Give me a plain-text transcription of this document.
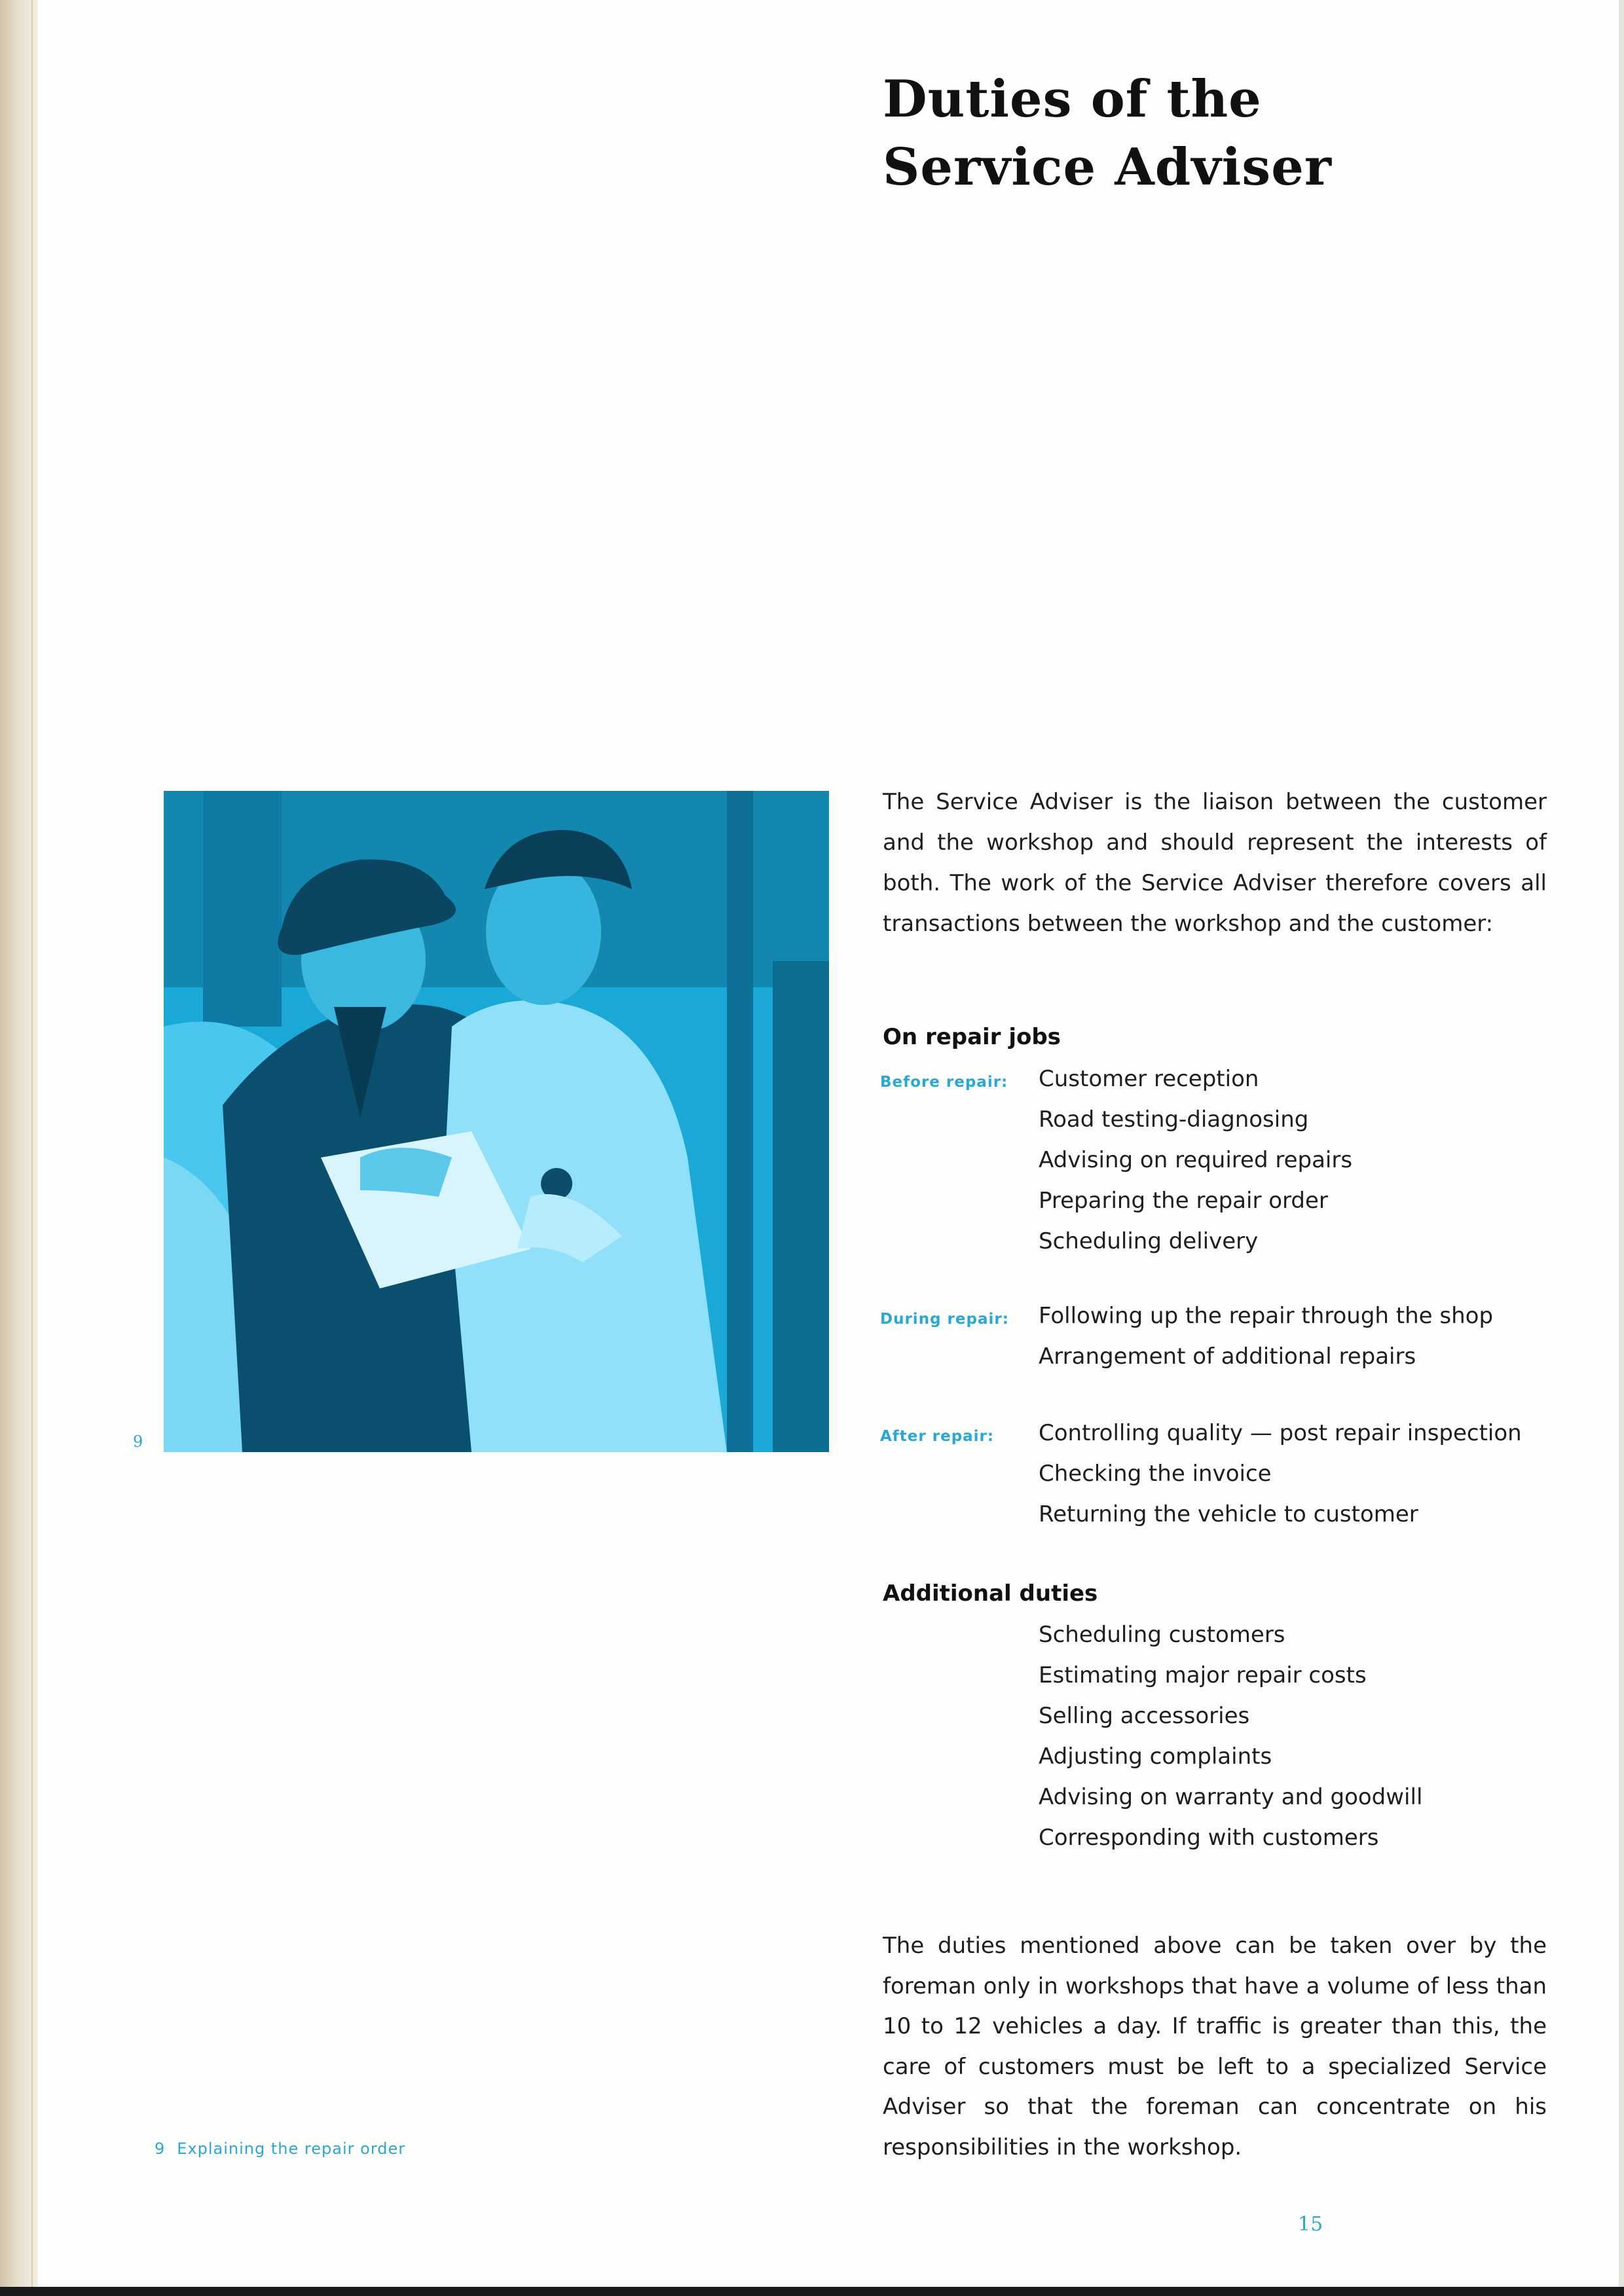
Duties of the
Service Adviser
9
9 Explaining the repair order

The Service Adviser is the liaison between the customer and the workshop and should represent the interests of both. The work of the Service Adviser therefore covers all transactions between the workshop and the customer:

On repair jobs
Before repair: Customer reception
Road testing-diagnosing
Advising on required repairs
Preparing the repair order
Scheduling delivery
During repair: Following up the repair through the shop
Arrangement of additional repairs
After repair: Controlling quality — post repair inspection
Checking the invoice
Returning the vehicle to customer
Additional duties
Scheduling customers
Estimating major repair costs
Selling accessories
Adjusting complaints
Advising on warranty and goodwill
Corresponding with customers

The duties mentioned above can be taken over by the foreman only in workshops that have a volume of less than 10 to 12 vehicles a day. If traffic is greater than this, the care of customers must be left to a specialized Service Adviser so that the foreman can concentrate on his responsibilities in the workshop.

15
